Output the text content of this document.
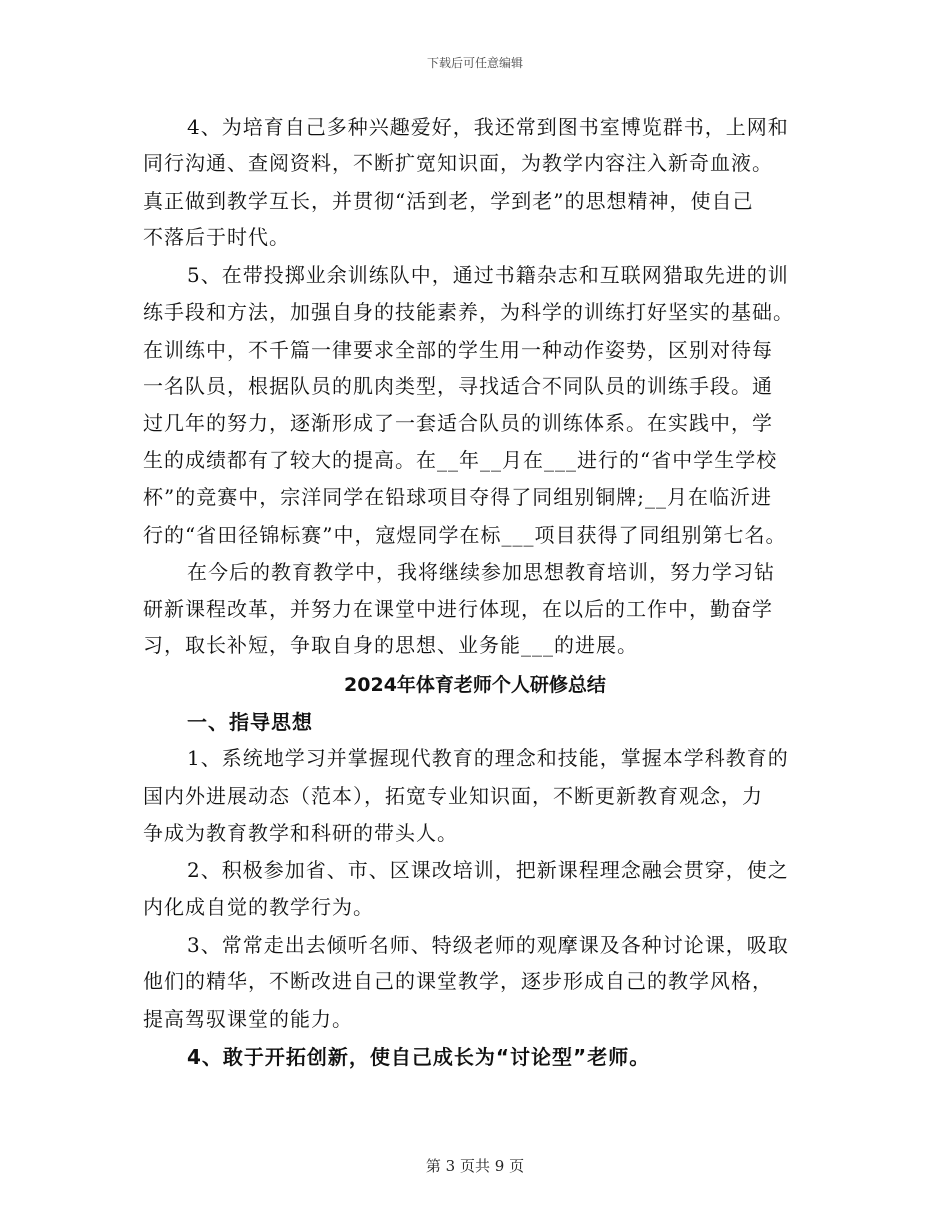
下载后可任意编辑
4、为培育自己多种兴趣爱好，我还常到图书室博览群书，上网和
同行沟通、查阅资料，不断扩宽知识面，为教学内容注入新奇血液。
真正做到教学互长，并贯彻“活到老，学到老”的思想精神，使自己
不落后于时代。
5、在带投掷业余训练队中，通过书籍杂志和互联网猎取先进的训
练手段和方法，加强自身的技能素养，为科学的训练打好坚实的基础。
在训练中，不千篇一律要求全部的学生用一种动作姿势，区别对待每
一名队员，根据队员的肌肉类型，寻找适合不同队员的训练手段。通
过几年的努力，逐渐形成了一套适合队员的训练体系。在实践中，学
生的成绩都有了较大的提高。在__年__月在___进行的“省中学生学校
杯”的竞赛中，宗洋同学在铅球项目夺得了同组别铜牌;__月在临沂进
行的“省田径锦标赛”中，寇煜同学在标___项目获得了同组别第七名。
在今后的教育教学中，我将继续参加思想教育培训，努力学习钻
研新课程改革，并努力在课堂中进行体现，在以后的工作中，勤奋学
习，取长补短，争取自身的思想、业务能___的进展。
2024年体育老师个人研修总结
一、指导思想
1、系统地学习并掌握现代教育的理念和技能，掌握本学科教育的
国内外进展动态（范本），拓宽专业知识面，不断更新教育观念，力
争成为教育教学和科研的带头人。
2、积极参加省、市、区课改培训，把新课程理念融会贯穿，使之
内化成自觉的教学行为。
3、常常走出去倾听名师、特级老师的观摩课及各种讨论课，吸取
他们的精华，不断改进自己的课堂教学，逐步形成自己的教学风格，
提高驾驭课堂的能力。
4、敢于开拓创新，使自己成长为“讨论型”老师。
第 3 页共 9 页
